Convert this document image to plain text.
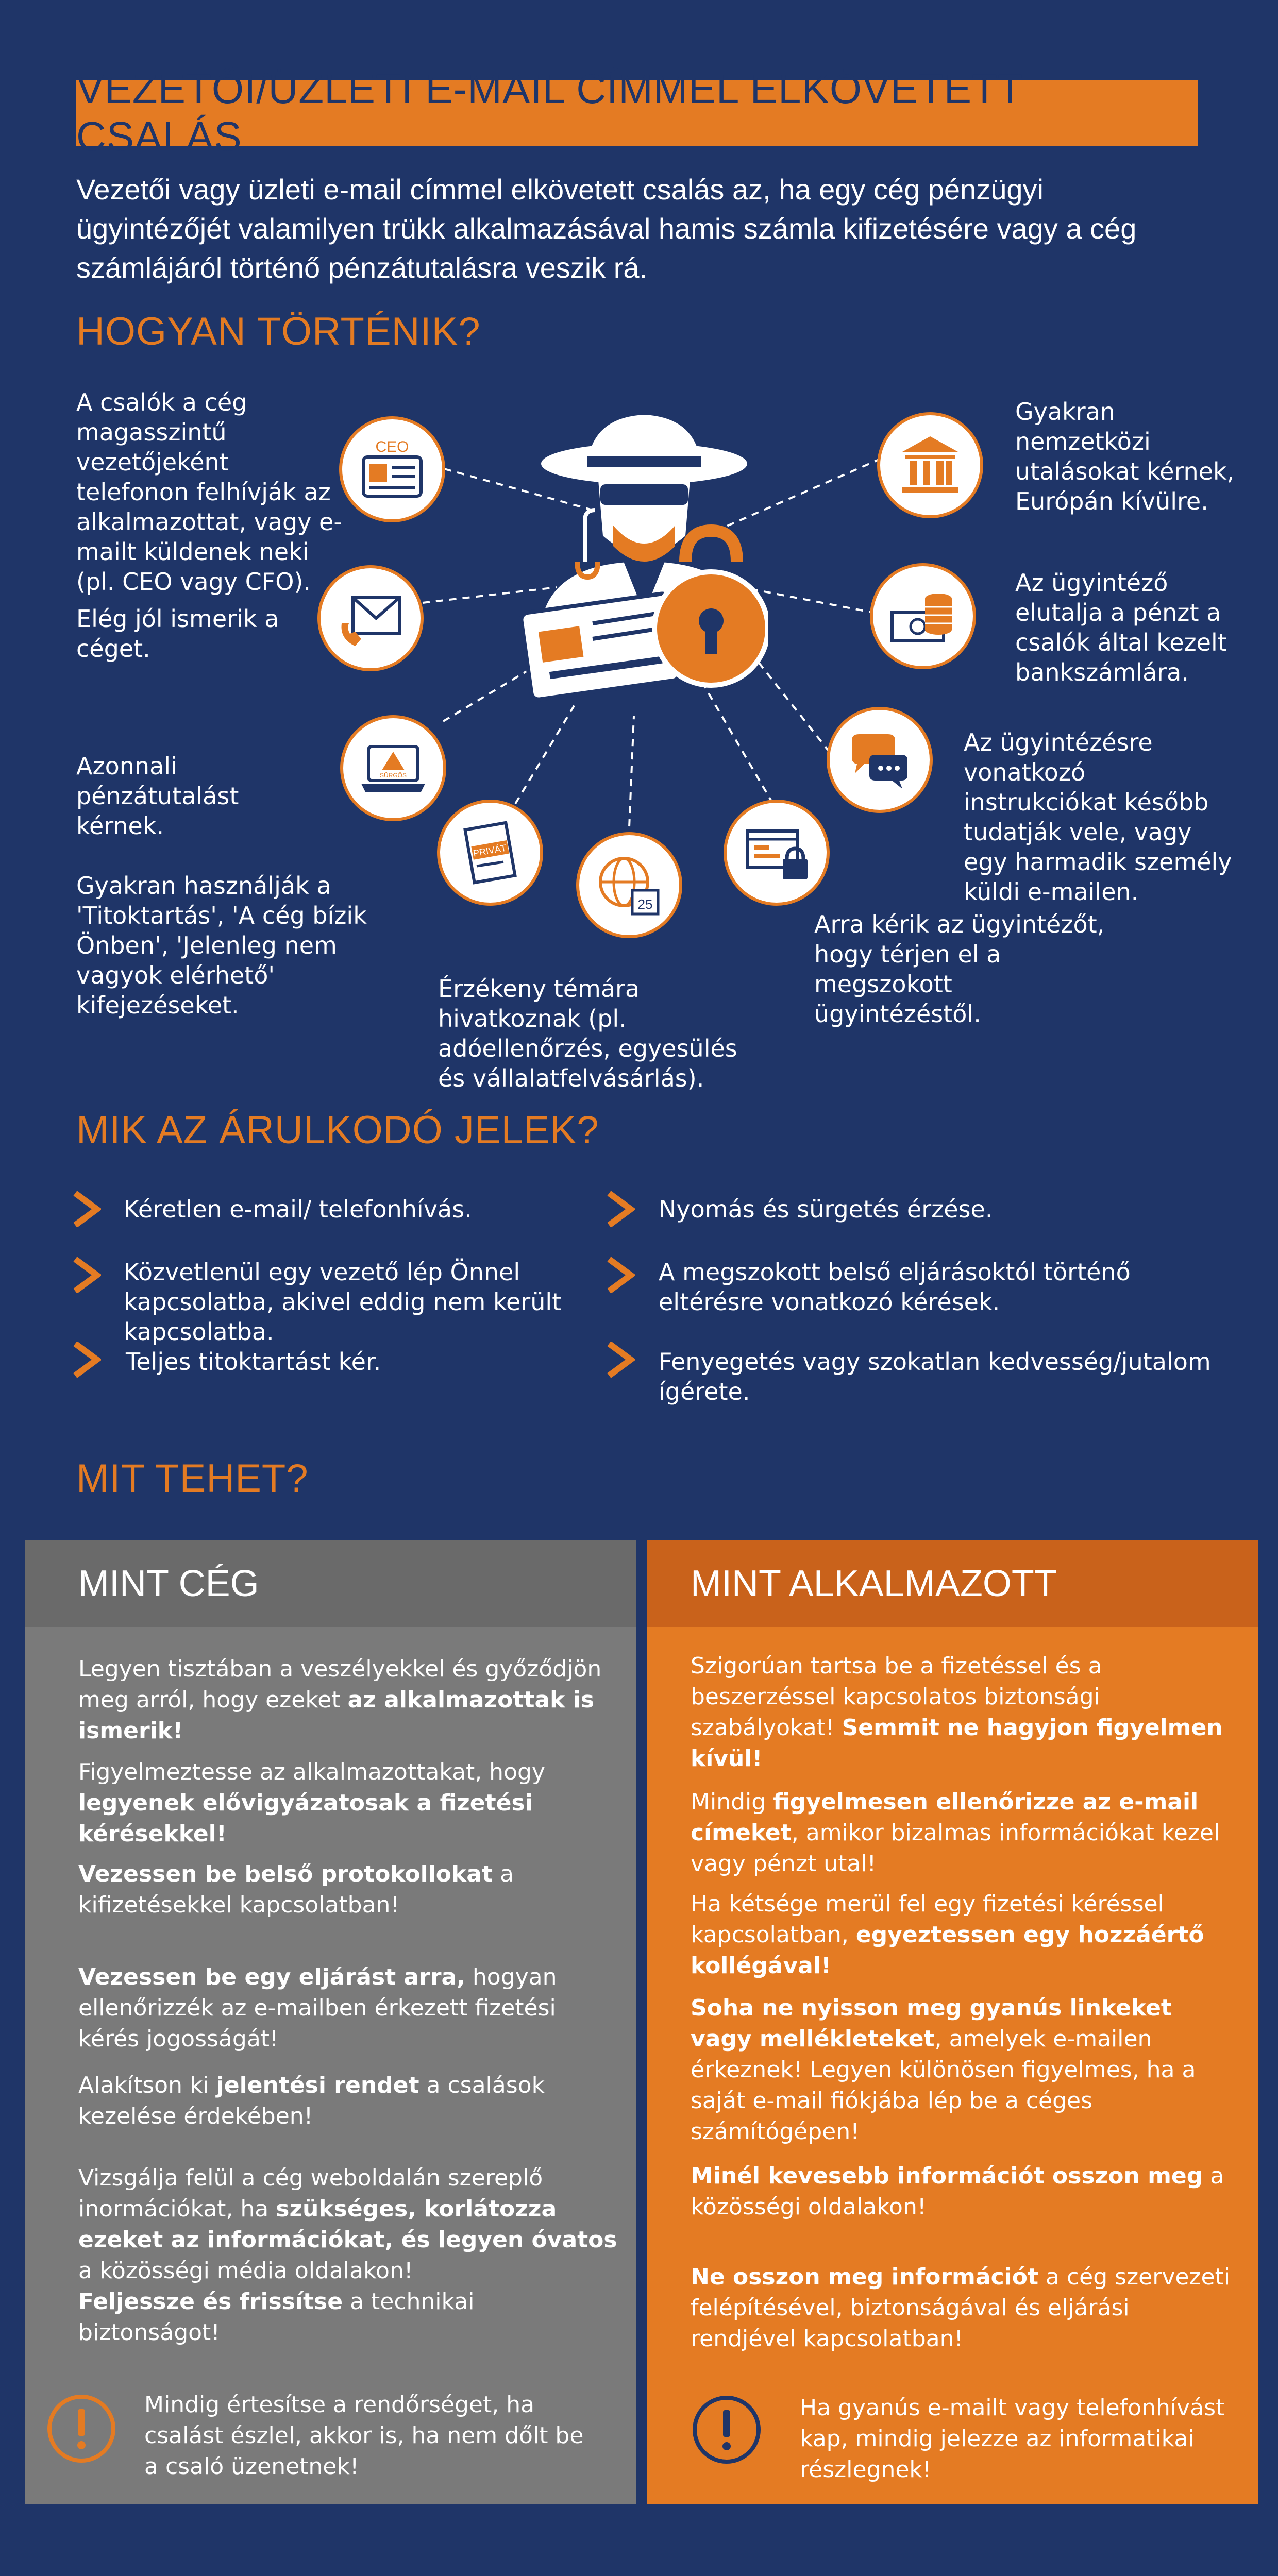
VEZETŐI/ÜZLETI E-MAIL CÍMMEL ELKÖVETETT CSALÁS
Vezetői vagy üzleti e-mail címmel elkövetett csalás az, ha egy cég pénzügyi ügyintézőjét valamilyen trükk alkalmazásával hamis számla kifizetésére vagy a cég számlájáról történő pénzátutalásra veszik rá.
HOGYAN TÖRTÉNIK?
CEO
SÜRGŐS
PRIVÁT
25
A csalók a cég magasszintű vezetőjeként telefonon felhívják az alkalmazottat, vagy e-mailt küldenek neki (pl. CEO vagy CFO).
Elég jól ismerik a céget.
Azonnali pénzátutalást kérnek.
Gyakran használják a 'Titoktartás', 'A cég bízik Önben', 'Jelenleg nem vagyok elérhető' kifejezéseket.
Érzékeny témára hivatkoznak (pl. adóellenőrzés, egyesülés és vállalatfelvásárlás).
Arra kérik az ügyintézőt, hogy térjen el a megszokott ügyintézéstől.
Az ügyintézésre vonatkozó instrukciókat később tudatják vele, vagy egy harmadik személy küldi e-mailen.
Az ügyintéző elutalja a pénzt a csalók által kezelt bankszámlára.
Gyakran nemzetközi utalásokat kérnek, Európán kívülre.
MIK AZ ÁRULKODÓ JELEK?
Kéretlen e-mail/ telefonhívás.
Közvetlenül egy vezető lép Önnel kapcsolatba, akivel eddig nem került kapcsolatba.
Teljes titoktartást kér.
Nyomás és sürgetés érzése.
A megszokott belső eljárásoktól történő eltérésre vonatkozó kérések.
Fenyegetés vagy szokatlan kedvesség/jutalom ígérete.
MIT TEHET?
MINT CÉG

Legyen tisztában a veszélyekkel és győződjön meg arról, hogy ezeket az alkalmazottak is ismerik!

Figyelmeztesse az alkalmazottakat, hogy legyenek elővigyázatosak a fizetési kérésekkel!

Vezessen be belső protokollokat a kifizetésekkel kapcsolatban!

Vezessen be egy eljárást arra, hogyan ellenőrizzék az e-mailben érkezett fizetési kérés jogosságát!

Alakítson ki jelentési rendet a csalások kezelése érdekében!

Vizsgálja felül a cég weboldalán szereplő inormációkat, ha szükséges, korlátozza ezeket az információkat, és legyen óvatos a közösségi média oldalakon!

Feljessze és frissítse a technikai biztonságot!

Mindig értesítse a rendőrséget, ha csalást észlel, akkor is, ha nem dőlt be a csaló üzenetnek!

MINT ALKALMAZOTT

Szigorúan tartsa be a fizetéssel és a beszerzéssel kapcsolatos biztonsági szabályokat! Semmit ne hagyjon figyelmen kívül!

Mindig figyelmesen ellenőrizze az e-mail címeket, amikor bizalmas információkat kezel vagy pénzt utal!

Ha kétsége merül fel egy fizetési kéréssel kapcsolatban, egyeztessen egy hozzáértő kollégával!

Soha ne nyisson meg gyanús linkeket vagy mellékleteket, amelyek e-mailen érkeznek! Legyen különösen figyelmes, ha a saját e-mail fiókjába lép be a céges számítógépen!

Minél kevesebb információt osszon meg a közösségi oldalakon!

Ne osszon meg információt a cég szervezeti felépítésével, biztonságával és eljárási rendjével kapcsolatban!

Ha gyanús e-mailt vagy telefonhívást kap, mindig jelezze az informatikai részlegnek!
